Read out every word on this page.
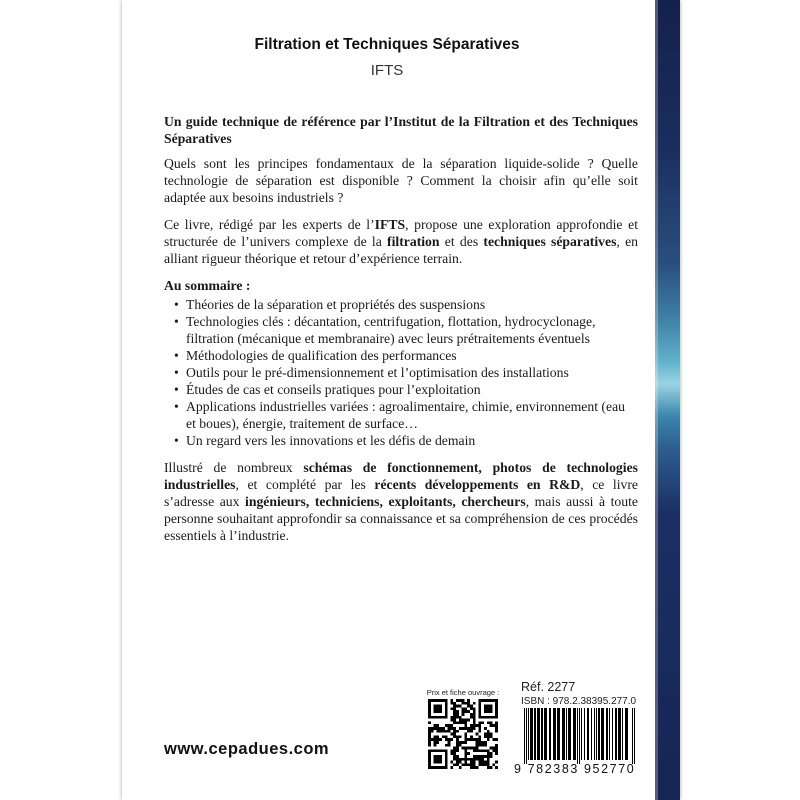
Filtration et Techniques Séparatives
IFTS

Un guide technique de référence par l’Institut de la Filtration et des Techniques Séparatives

Quels sont les principes fondamentaux de la séparation liquide-solide ? Quelle technologie de séparation est disponible ? Comment la choisir afin qu’elle soit adaptée aux besoins industriels ?

Ce livre, rédigé par les experts de l’IFTS, propose une exploration approfondie et structurée de l’univers complexe de la filtration et des techniques séparatives, en alliant rigueur théorique et retour d’expérience terrain.

Au sommaire :
• Théories de la séparation et propriétés des suspensions
• Technologies clés : décantation, centrifugation, flottation, hydrocyclonage, filtration (mécanique et membranaire) avec leurs prétraitements éventuels
• Méthodologies de qualification des performances
• Outils pour le pré-dimensionnement et l’optimisation des installations
• Études de cas et conseils pratiques pour l’exploitation
• Applications industrielles variées : agroalimentaire, chimie, environnement (eau et boues), énergie, traitement de surface…
• Un regard vers les innovations et les défis de demain

Illustré de nombreux schémas de fonctionnement, photos de technologies industrielles, et complété par les récents développements en R&D, ce livre s’adresse aux ingénieurs, techniciens, exploitants, chercheurs, mais aussi à toute personne souhaitant approfondir sa connaissance et sa compréhension de ces procédés essentiels à l’industrie.

www.cepadues.com
Prix et fiche ouvrage :	Réf. 2277
ISBN : 978.2.38395.277.0
9 782383 952770
